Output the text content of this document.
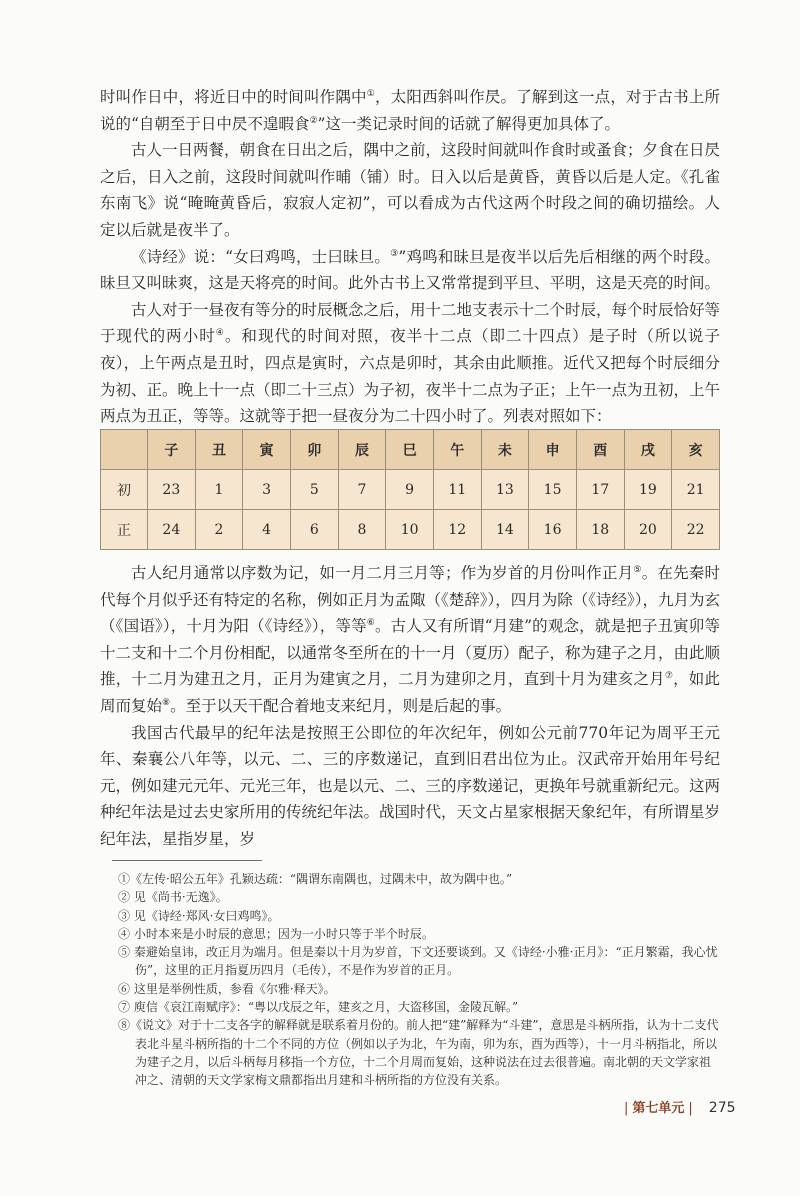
时叫作日中，将近日中的时间叫作隅中①，太阳西斜叫作昃。了解到这一点，对于古书上所说的“自朝至于日中昃不遑暇食②”这一类记录时间的话就了解得更加具体了。

古人一日两餐，朝食在日出之后，隅中之前，这段时间就叫作食时或蚤食；夕食在日昃之后，日入之前，这段时间就叫作晡（铺）时。日入以后是黄昏，黄昏以后是人定。《孔雀东南飞》说“晻晻黄昏后，寂寂人定初”，可以看成为古代这两个时段之间的确切描绘。人定以后就是夜半了。

《诗经》说：“女曰鸡鸣，士曰昧旦。③”鸡鸣和昧旦是夜半以后先后相继的两个时段。昧旦又叫昧爽，这是天将亮的时间。此外古书上又常常提到平旦、平明，这是天亮的时间。

古人对于一昼夜有等分的时辰概念之后，用十二地支表示十二个时辰，每个时辰恰好等于现代的两小时④。和现代的时间对照，夜半十二点（即二十四点）是子时（所以说子夜），上午两点是丑时，四点是寅时，六点是卯时，其余由此顺推。近代又把每个时辰细分为初、正。晚上十一点（即二十三点）为子初，夜半十二点为子正；上午一点为丑初，上午两点为丑正，等等。这就等于把一昼夜分为二十四小时了。列表对照如下：

	子	丑	寅	卯	辰	巳	午	未	申	酉	戌	亥
初	23	1	3	5	7	9	11	13	15	17	19	21
正	24	2	4	6	8	10	12	14	16	18	20	22

古人纪月通常以序数为记，如一月二月三月等；作为岁首的月份叫作正月⑤。在先秦时代每个月似乎还有特定的名称，例如正月为孟陬（《楚辞》），四月为除（《诗经》），九月为玄（《国语》），十月为阳（《诗经》），等等⑥。古人又有所谓“月建”的观念，就是把子丑寅卯等十二支和十二个月份相配，以通常冬至所在的十一月（夏历）配子，称为建子之月，由此顺推，十二月为建丑之月，正月为建寅之月，二月为建卯之月，直到十月为建亥之月⑦，如此周而复始⑧。至于以天干配合着地支来纪月，则是后起的事。

我国古代最早的纪年法是按照王公即位的年次纪年，例如公元前770年记为周平王元年、秦襄公八年等，以元、二、三的序数递记，直到旧君出位为止。汉武帝开始用年号纪元，例如建元元年、元光三年，也是以元、二、三的序数递记，更换年号就重新纪元。这两种纪年法是过去史家所用的传统纪年法。战国时代，天文占星家根据天象纪年，有所谓星岁纪年法，星指岁星，岁

①《左传·昭公五年》孔颖达疏：“隅谓东南隅也，过隅未中，故为隅中也。”

② 见《尚书·无逸》。

③ 见《诗经·郑风·女曰鸡鸣》。

④ 小时本来是小时辰的意思；因为一小时只等于半个时辰。

⑤ 秦避始皇讳，改正月为端月。但是秦以十月为岁首，下文还要谈到。又《诗经·小雅·正月》：“正月繁霜，我心忧伤”，这里的正月指夏历四月（毛传），不是作为岁首的正月。

⑥ 这里是举例性质，参看《尔雅·释天》。

⑦ 庾信《哀江南赋序》：“粤以戊辰之年，建亥之月，大盗移国，金陵瓦解。”

⑧《说文》对于十二支各字的解释就是联系着月份的。前人把“建”解释为“斗建”，意思是斗柄所指，认为十二支代表北斗星斗柄所指的十二个不同的方位（例如以子为北，午为南，卯为东，酉为西等），十一月斗柄指北，所以为建子之月，以后斗柄每月移指一个方位，十二个月周而复始，这种说法在过去很普遍。南北朝的天文学家祖冲之、清朝的天文学家梅文鼎都指出月建和斗柄所指的方位没有关系。

| 第七单元 | 275
